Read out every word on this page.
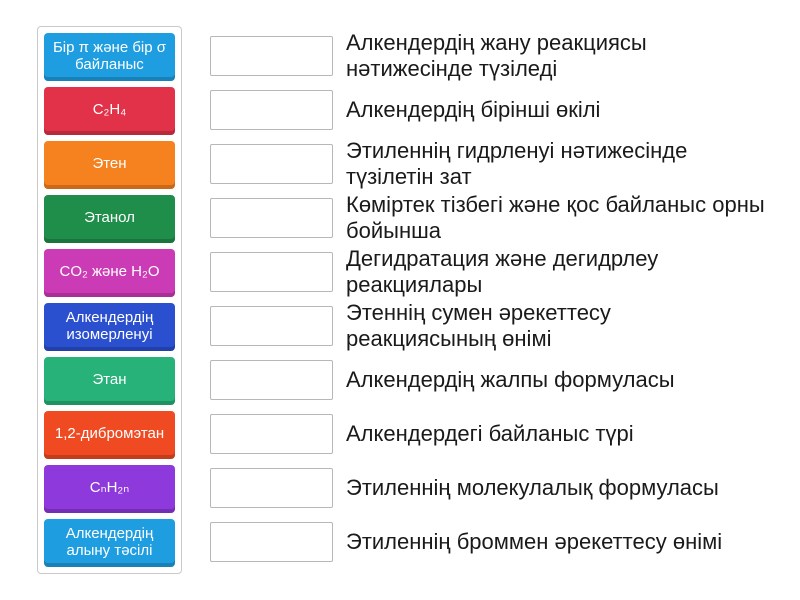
Бір π және бір σ байланыс
C₂H₄
Этен
Этанол
CO₂ және H₂O
Алкендердің изомерленуі
Этан
1,2-дибромэтан
CₙH₂ₙ
Алкендердің алыну тәсілі
Алкендердің жану реакциясы нәтижесінде түзіледі
Алкендердің бірінші өкілі
Этиленнің гидрленуі нәтижесінде түзілетін зат
Көміртек тізбегі және қос байланыс орны бойынша
Дегидратация және дегидрлеу реакциялары
Этеннің сумен әрекеттесу реакциясының өнімі
Алкендердің жалпы формуласы
Алкендердегі байланыс түрі
Этиленнің молекулалық формуласы
Этиленнің броммен әрекеттесу өнімі
